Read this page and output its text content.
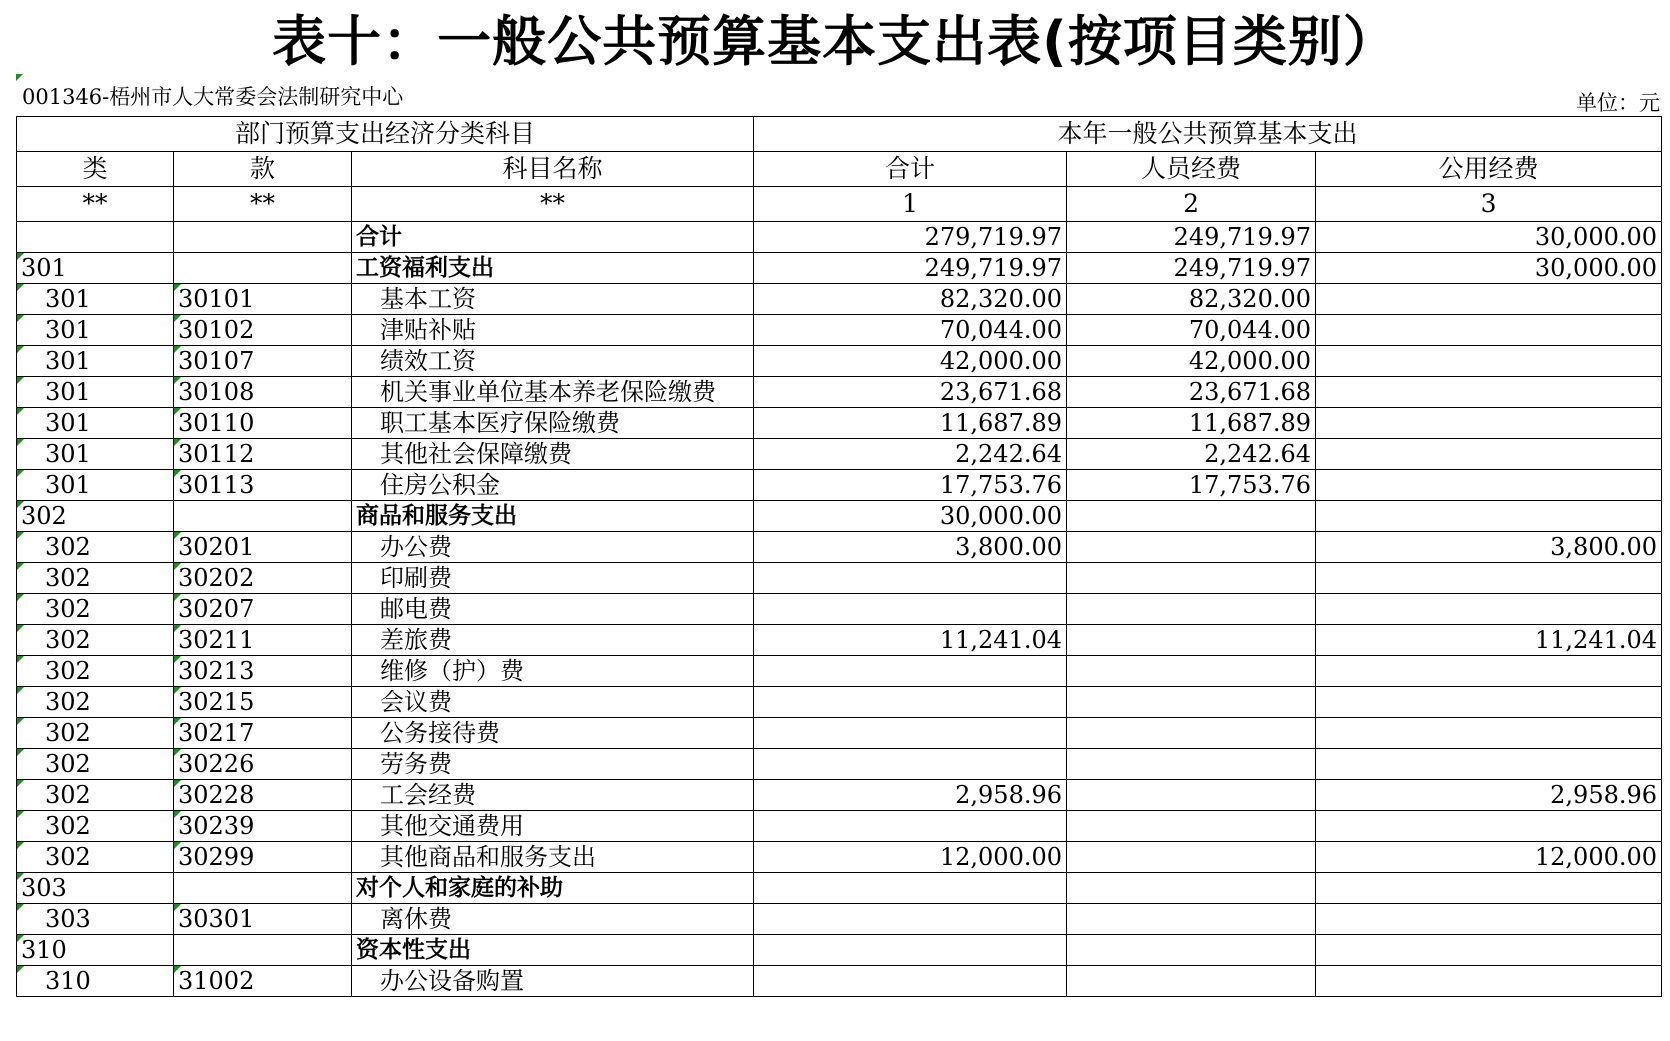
表十：一般公共预算基本支出表(按项目类别）
001346-梧州市人大常委会法制研究中心	单位：元
部门预算支出经济分类科目			本年一般公共预算基本支出		
类	款	科目名称	合计	人员经费	公用经费
**	**	**	1	2	3
		合计	279,719.97	249,719.97	30,000.00
301		工资福利支出	249,719.97	249,719.97	30,000.00
301	30101	基本工资	82,320.00	82,320.00	
301	30102	津贴补贴	70,044.00	70,044.00	
301	30107	绩效工资	42,000.00	42,000.00	
301	30108	机关事业单位基本养老保险缴费	23,671.68	23,671.68	
301	30110	职工基本医疗保险缴费	11,687.89	11,687.89	
301	30112	其他社会保障缴费	2,242.64	2,242.64	
301	30113	住房公积金	17,753.76	17,753.76	
302		商品和服务支出	30,000.00		
302	30201	办公费	3,800.00		3,800.00
302	30202	印刷费			
302	30207	邮电费			
302	30211	差旅费	11,241.04		11,241.04
302	30213	维修（护）费			
302	30215	会议费			
302	30217	公务接待费			
302	30226	劳务费			
302	30228	工会经费	2,958.96		2,958.96
302	30239	其他交通费用			
302	30299	其他商品和服务支出	12,000.00		12,000.00
303		对个人和家庭的补助			
303	30301	离休费			
310		资本性支出			
310	31002	办公设备购置			
